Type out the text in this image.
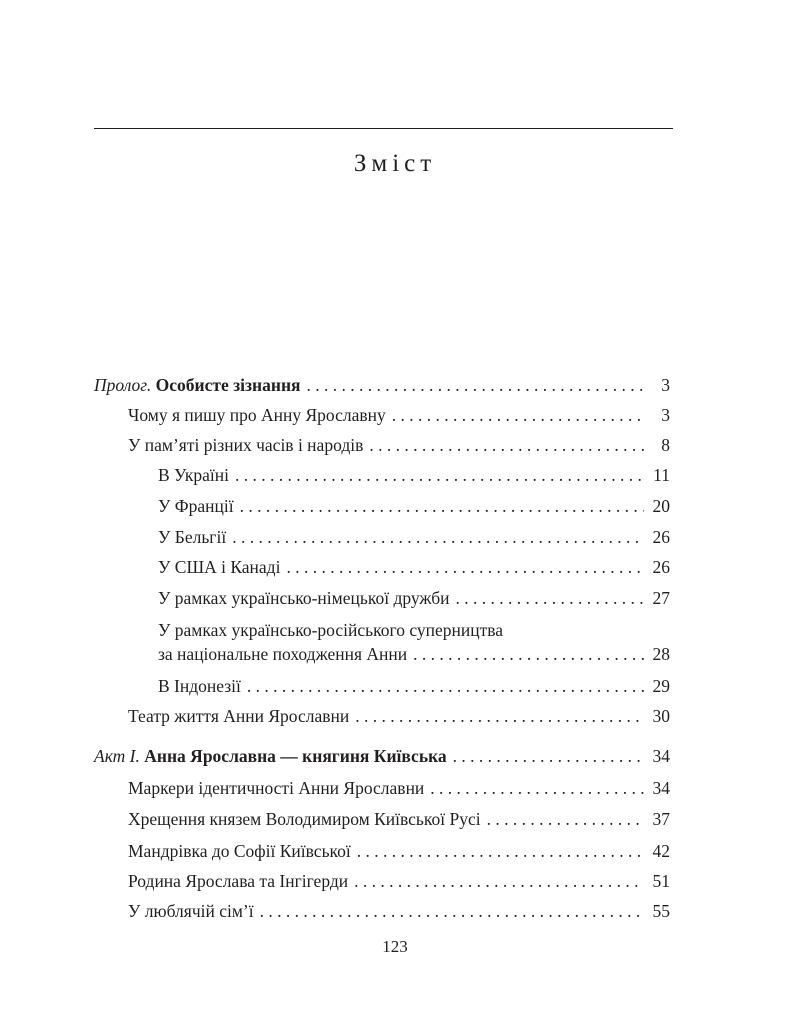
Зміст
Пролог. Особисте зізнання . . .	3
Чому я пишу про Анну Ярославну . . .	3
У пам’яті різних часів і народів . . .	8
В Україні . . .	11
У Франції . . .	20
У Бельгії . . .	26
У США і Канаді . . .	26
У рамках українсько-німецької дружби . . .	27
У рамках українсько-російського суперництва
за національне походження Анни . . .	28
В Індонезії . . .	29
Театр життя Анни Ярославни . . .	30
Акт І. Анна Ярославна — княгиня Київська . . .	34
Маркери ідентичності Анни Ярославни . . .	34
Хрещення князем Володимиром Київської Русі . . .	37
Мандрівка до Софії Київської . . .	42
Родина Ярослава та Інгігерди . . .	51
У люблячій сім’ї . . .	55
123
